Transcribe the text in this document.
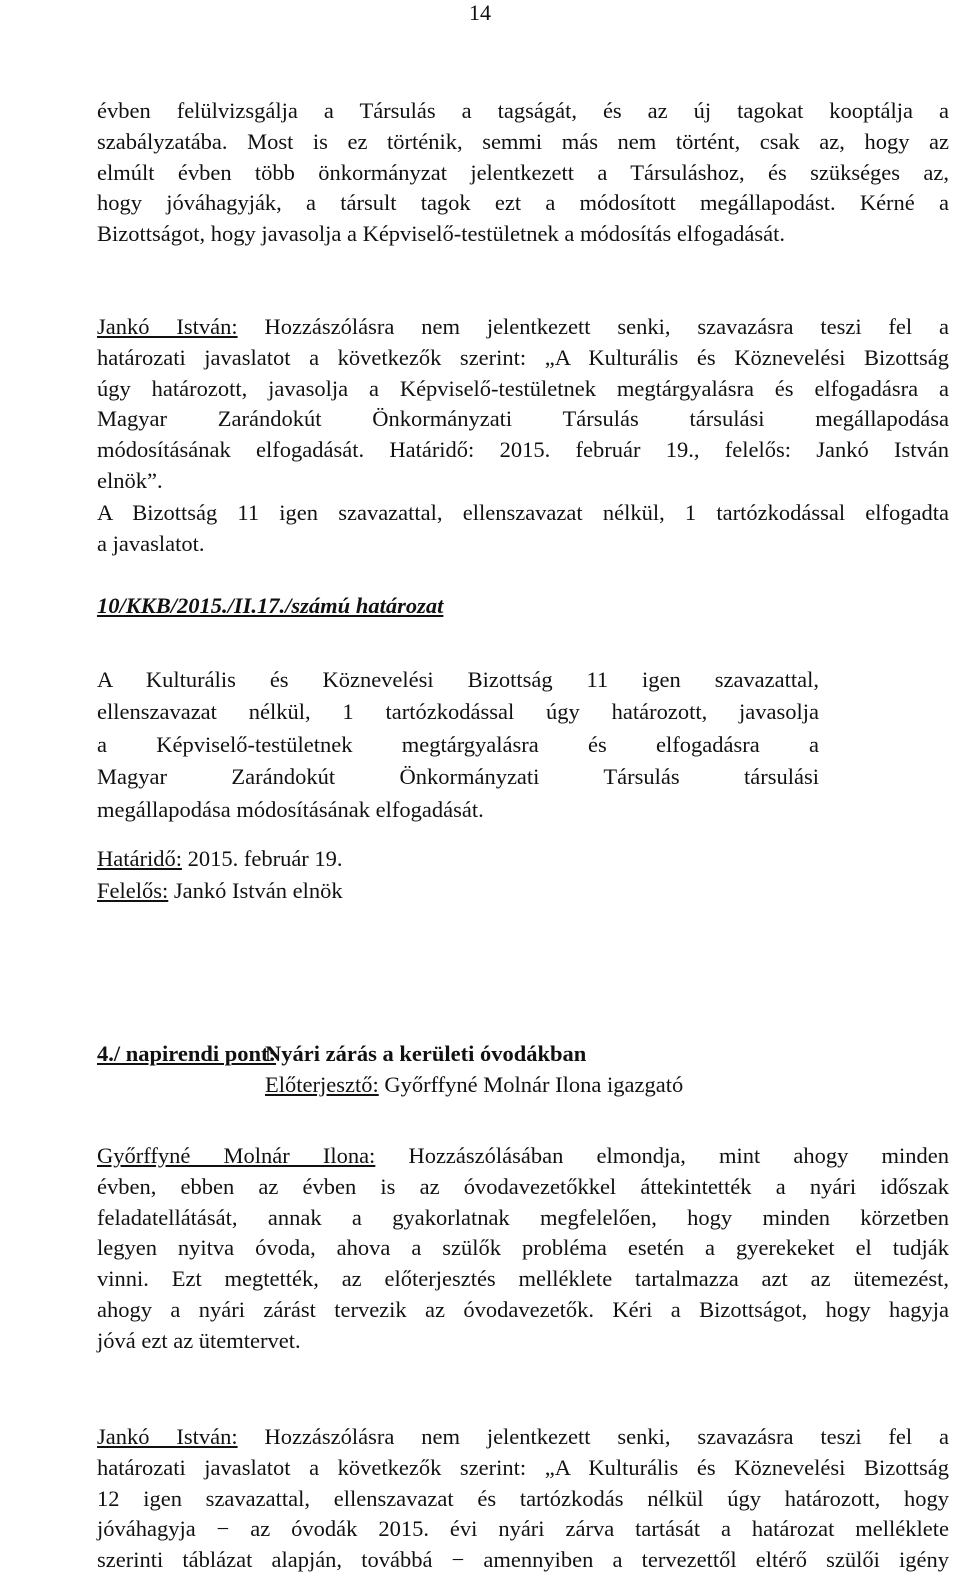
14
évben felülvizsgálja a Társulás a tagságát, és az új tagokat kooptálja a
szabályzatába. Most is ez történik, semmi más nem történt, csak az, hogy az
elmúlt évben több önkormányzat jelentkezett a Társuláshoz, és szükséges az,
hogy jóváhagyják, a társult tagok ezt a módosított megállapodást. Kérné a
Bizottságot, hogy javasolja a Képviselő-testületnek a módosítás elfogadását.
Jankó István: Hozzászólásra nem jelentkezett senki, szavazásra teszi fel a
határozati javaslatot a következők szerint: „A Kulturális és Köznevelési Bizottság
úgy határozott, javasolja a Képviselő-testületnek megtárgyalásra és elfogadásra a
Magyar Zarándokút Önkormányzati Társulás társulási megállapodása
módosításának elfogadását. Határidő: 2015. február 19., felelős: Jankó István
elnök”.
A Bizottság 11 igen szavazattal, ellenszavazat nélkül, 1 tartózkodással elfogadta
a javaslatot.
10/KKB/2015./II.17./számú határozat
A Kulturális és Köznevelési Bizottság 11 igen szavazattal,
ellenszavazat nélkül, 1 tartózkodással úgy határozott, javasolja
a Képviselő-testületnek megtárgyalásra és elfogadásra a
Magyar Zarándokút Önkormányzati Társulás társulási
megállapodása módosításának elfogadását.
Határidő: 2015. február 19.
Felelős: Jankó István elnök
4./ napirendi pont:Nyári zárás a kerületi óvodákban
Előterjesztő: Győrffyné Molnár Ilona igazgató
Győrffyné Molnár Ilona: Hozzászólásában elmondja, mint ahogy minden
évben, ebben az évben is az óvodavezetőkkel áttekintették a nyári időszak
feladatellátását, annak a gyakorlatnak megfelelően, hogy minden körzetben
legyen nyitva óvoda, ahova a szülők probléma esetén a gyerekeket el tudják
vinni. Ezt megtették, az előterjesztés melléklete tartalmazza azt az ütemezést,
ahogy a nyári zárást tervezik az óvodavezetők. Kéri a Bizottságot, hogy hagyja
jóvá ezt az ütemtervet.
Jankó István: Hozzászólásra nem jelentkezett senki, szavazásra teszi fel a
határozati javaslatot a következők szerint: „A Kulturális és Köznevelési Bizottság
12 igen szavazattal, ellenszavazat és tartózkodás nélkül úgy határozott, hogy
jóváhagyja − az óvodák 2015. évi nyári zárva tartását a határozat melléklete
szerinti táblázat alapján, továbbá − amennyiben a tervezettől eltérő szülői igény
